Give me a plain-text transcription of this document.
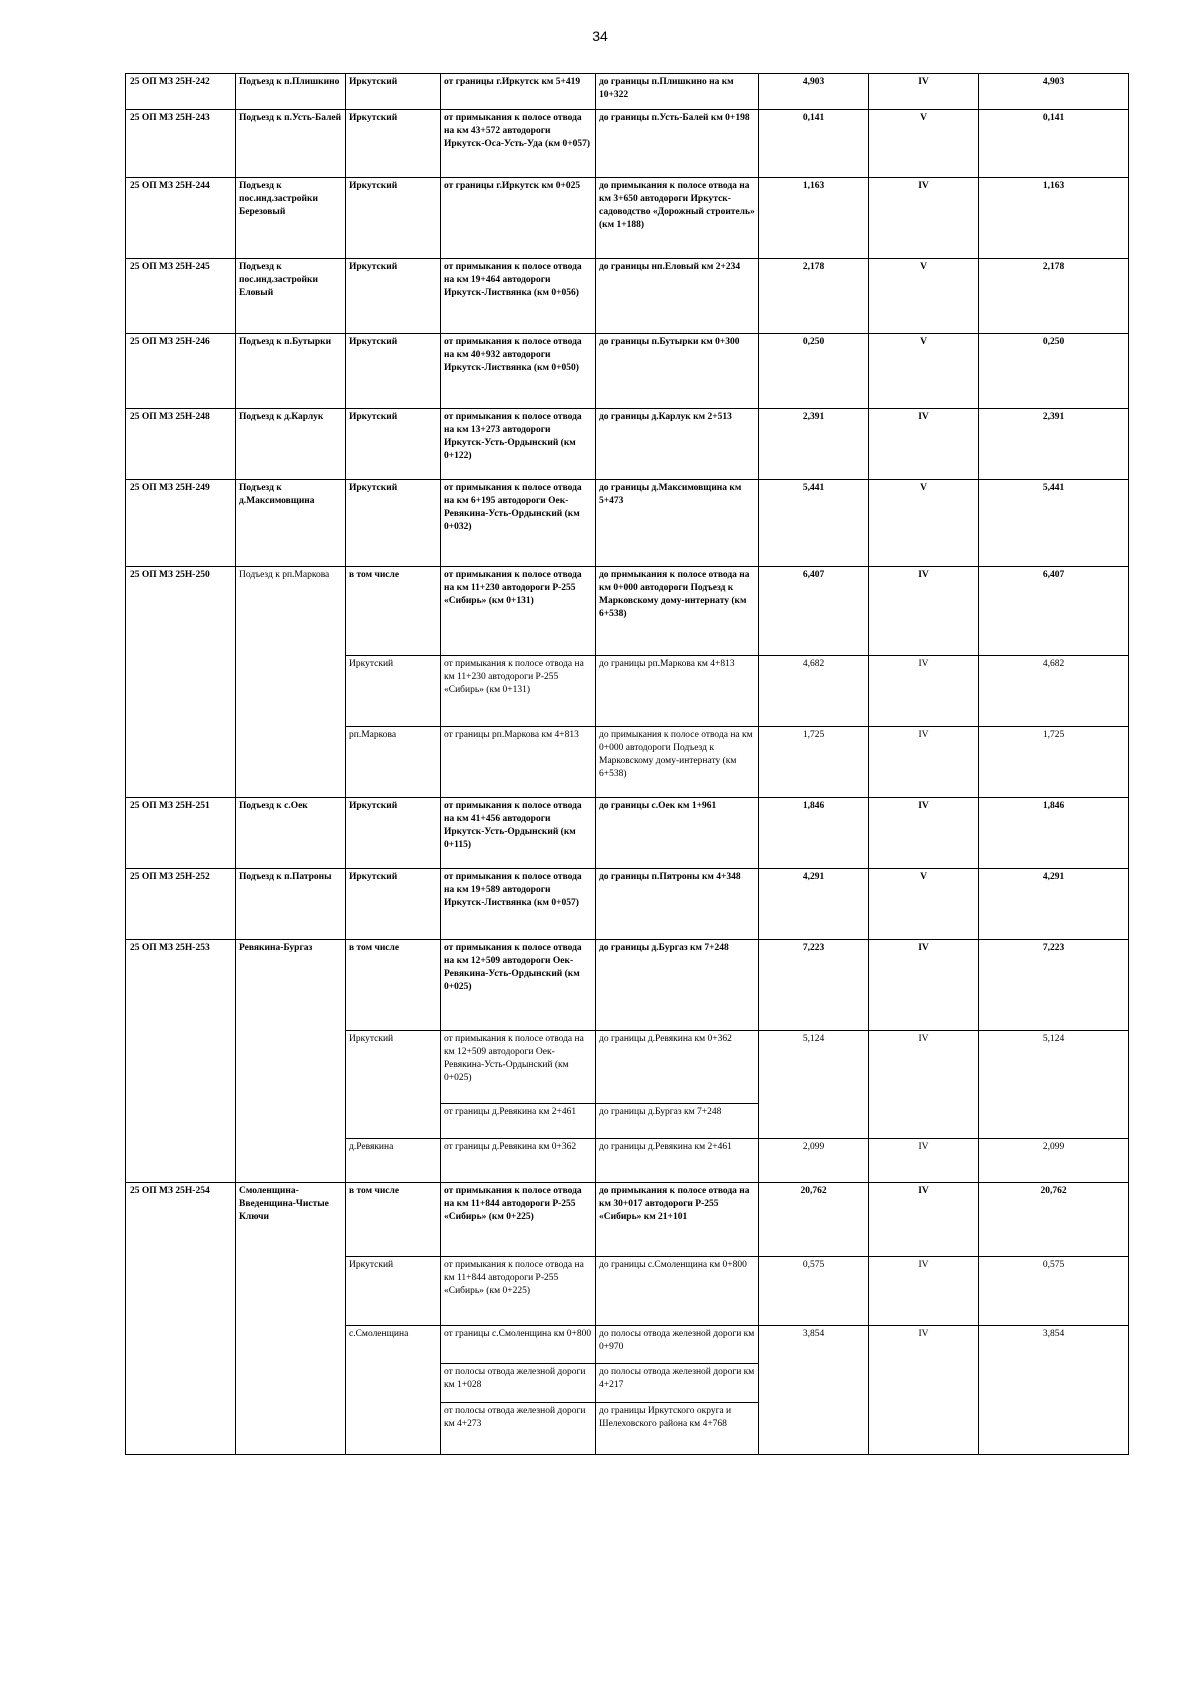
34
25 ОП МЗ 25Н-242	Подъезд к п.Плишкино	Иркутский	от границы г.Иркутск км 5+419	до границы п.Плишкино на км 10+322	4,903	IV	4,903
25 ОП МЗ 25Н-243	Подъезд к п.Усть-Балей	Иркутский	от примыкания к полосе отвода на км 43+572 автодороги Иркутск-Оса-Усть-Уда (км 0+057)	до границы п.Усть-Балей км 0+198	0,141	V	0,141
25 ОП МЗ 25Н-244	Подъезд к пос.инд.застройки Березовый	Иркутский	от границы г.Иркутск км 0+025	до примыкания к полосе отвода на км 3+650 автодороги Иркутск-садоводство «Дорожный строитель» (км 1+188)	1,163	IV	1,163
25 ОП МЗ 25Н-245	Подъезд к пос.инд.застройки Еловый	Иркутский	от примыкания к полосе отвода на км 19+464 автодороги Иркутск-Листвянка (км 0+056)	до границы нп.Еловый км 2+234	2,178	V	2,178
25 ОП МЗ 25Н-246	Подъезд к п.Бутырки	Иркутский	от примыкания к полосе отвода на км 40+932 автодороги Иркутск-Листвянка (км 0+050)	до границы п.Бутырки км 0+300	0,250	V	0,250
25 ОП МЗ 25Н-248	Подъезд к д.Карлук	Иркутский	от примыкания к полосе отвода на км 13+273 автодороги Иркутск-Усть-Ордынский (км 0+122)	до границы д.Карлук км 2+513	2,391	IV	2,391
25 ОП МЗ 25Н-249	Подъезд к д.Максимовщина	Иркутский	от примыкания к полосе отвода на км 6+195 автодороги Оек-Ревякина-Усть-Ордынский (км 0+032)	до границы д.Максимовщина км 5+473	5,441	V	5,441
25 ОП МЗ 25Н-250	Подъезд к рп.Маркова	в том числе	от примыкания к полосе отвода на км 11+230 автодороги Р-255 «Сибирь» (км 0+131)	до примыкания к полосе отвода на км 0+000 автодороги Подъезд к Марковскому дому-интернату (км 6+538)	6,407	IV	6,407
		Иркутский	от примыкания к полосе отвода на км 11+230 автодороги Р-255 «Сибирь» (км 0+131)	до границы рп.Маркова км 4+813	4,682	IV	4,682
		рп.Маркова	от границы рп.Маркова км 4+813	до примыкания к полосе отвода на км 0+000 автодороги Подъезд к Марковскому дому-интернату (км 6+538)	1,725	IV	1,725
25 ОП МЗ 25Н-251	Подъезд к с.Оек	Иркутский	от примыкания к полосе отвода на км 41+456 автодороги Иркутск-Усть-Ордынский (км 0+115)	до границы с.Оек км 1+961	1,846	IV	1,846
25 ОП МЗ 25Н-252	Подъезд к п.Патроны	Иркутский	от примыкания к полосе отвода на км 19+589 автодороги Иркутск-Листвянка (км 0+057)	до границы п.Пятроны км 4+348	4,291	V	4,291
25 ОП МЗ 25Н-253	Ревякина-Бургаз	в том числе	от примыкания к полосе отвода на км 12+509 автодороги Оек-Ревякина-Усть-Ордынский (км 0+025)	до границы д.Бургаз км 7+248	7,223	IV	7,223
		Иркутский	от примыкания к полосе отвода на км 12+509 автодороги Оек-Ревякина-Усть-Ордынский (км 0+025)	до границы д.Ревякина км 0+362	5,124	IV	5,124
			от границы д.Ревякина км 2+461	до границы д.Бургаз км 7+248			
		д.Ревякина	от границы д.Ревякина км 0+362	до границы д.Ревякина км 2+461	2,099	IV	2,099
25 ОП МЗ 25Н-254	Смоленщина-Введенщина-Чистые Ключи	в том числе	от примыкания к полосе отвода на км 11+844 автодороги Р-255 «Сибирь» (км 0+225)	до примыкания к полосе отвода на км 30+017 автодороги Р-255 «Сибирь» км 21+101	20,762	IV	20,762
		Иркутский	от примыкания к полосе отвода на км 11+844 автодороги Р-255 «Сибирь» (км 0+225)	до границы с.Смоленщина км 0+800	0,575	IV	0,575
		с.Смоленщина	от границы с.Смоленщина км 0+800	до полосы отвода железной дороги км 0+970	3,854	IV	3,854
			от полосы отвода железной дороги км 1+028	до полосы отвода железной дороги км 4+217			
			от полосы отвода железной дороги км 4+273	до границы Иркутского округа и Шелеховского района км 4+768			
